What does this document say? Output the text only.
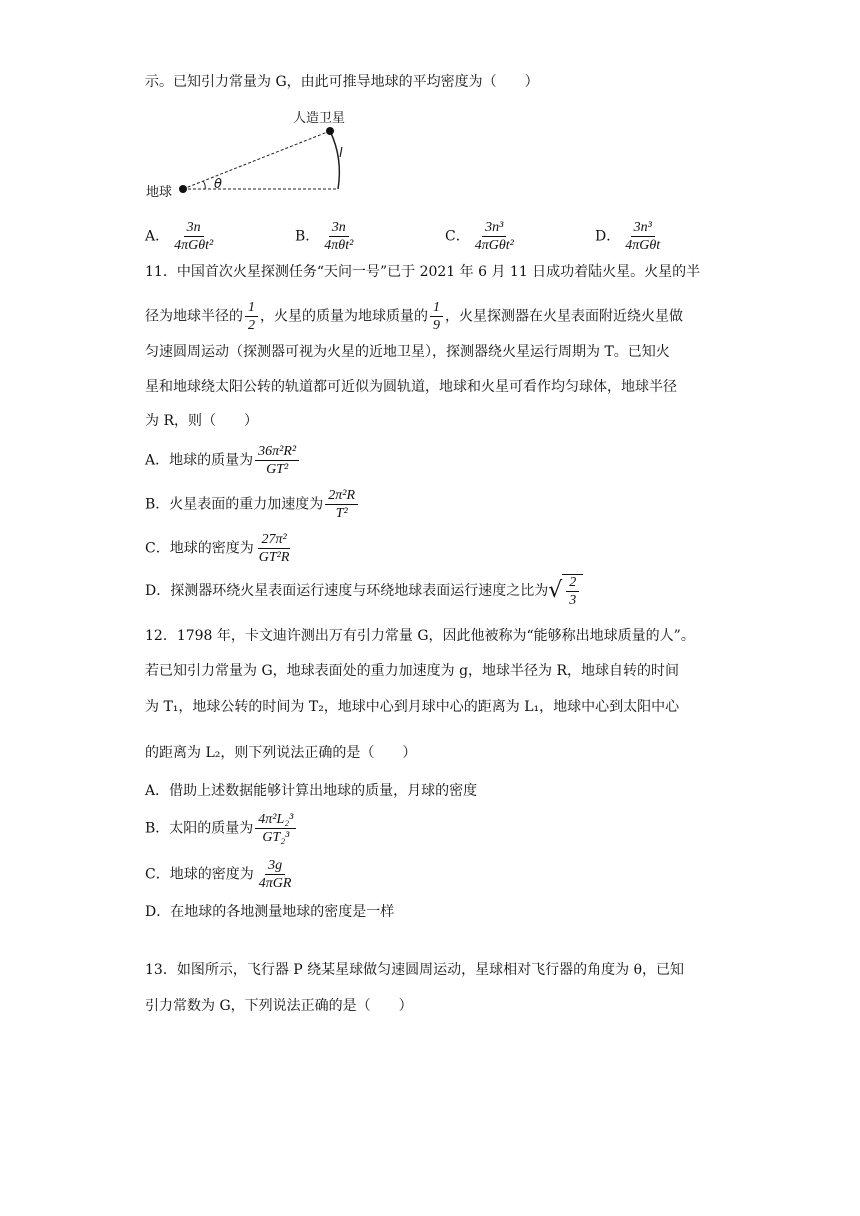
示。已知引力常量为 G，由此可推导地球的平均密度为（　　）
人造卫星
地球
l
θ
A． $\frac{3n}{\text{4πGθt²}}$	B． $\frac{3n}{\text{4πθt²}}$	C． $\frac{\text{3n³}}{\text{4πGθt²}}$	D． $\frac{\text{3n³}}{\text{4πGθt}}$
11．中国首次火星探测任务“天问一号”已于 2021 年 6 月 11 日成功着陆火星。火星的半
径为地球半径的 $\frac{1}{2}$ ，火星的质量为地球质量的 $\frac{1}{9}$ ，火星探测器在火星表面附近绕火星做
匀速圆周运动（探测器可视为火星的近地卫星），探测器绕火星运行周期为 T。已知火
星和地球绕太阳公转的轨道都可近似为圆轨道，地球和火星可看作均匀球体，地球半径
为 R，则（　　）
A．地球的质量为 $\frac{\text{36π²R²}}{\text{GT²}}$
B．火星表面的重力加速度为 $\frac{\text{2π²R}}{\text{T²}}$
C．地球的密度为 $\frac{\text{27π²}}{\text{GT²R}}$
D．探测器环绕火星表面运行速度与环绕地球表面运行速度之比为 √ $\frac{2}{3}$
12．1798 年，卡文迪许测出万有引力常量 G，因此他被称为“能够称出地球质量的人”。
若已知引力常量为 G，地球表面处的重力加速度为 g，地球半径为 R，地球自转的时间
为 T₁，地球公转的时间为 T₂，地球中心到月球中心的距离为 L₁，地球中心到太阳中心
的距离为 L₂，则下列说法正确的是（　　）
A．借助上述数据能够计算出地球的质量，月球的密度
B．太阳的质量为 $\frac{\text{4π²L₂³}}{\text{GT₂³}}$
C．地球的密度为 $\frac{3g}{\text{4πGR}}$
D．在地球的各地测量地球的密度是一样
13．如图所示，飞行器 P 绕某星球做匀速圆周运动，星球相对飞行器的角度为 θ，已知
引力常数为 G，下列说法正确的是（　　）
